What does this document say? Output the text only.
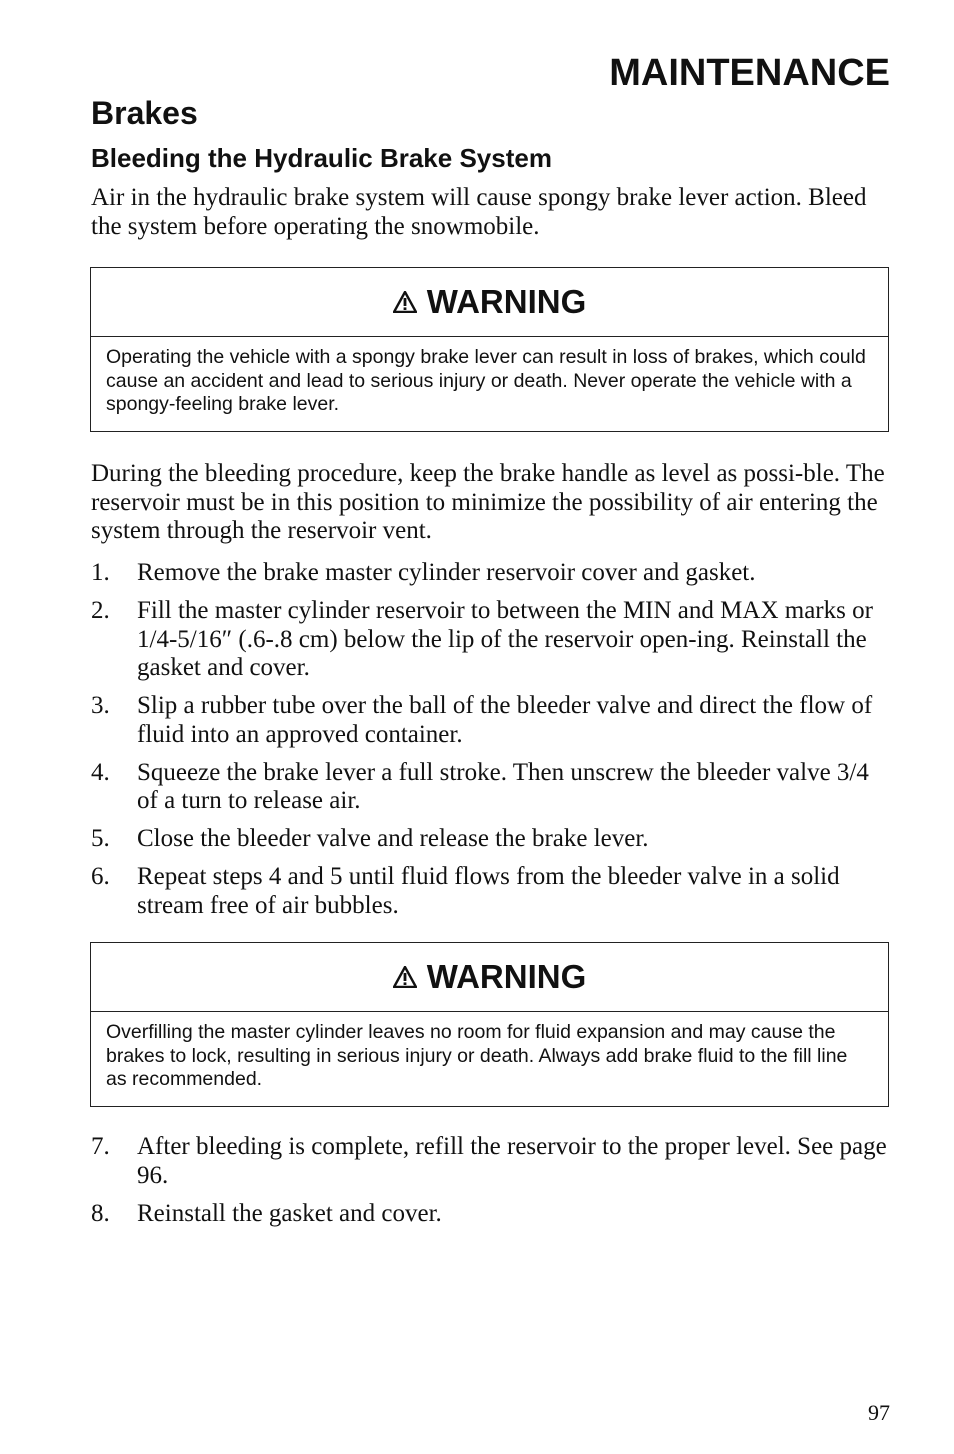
MAINTENANCE
Brakes
Bleeding the Hydraulic Brake System

Air in the hydraulic brake system will cause spongy brake lever action. Bleed the system before operating the snowmobile.

WARNING
Operating the vehicle with a spongy brake lever can result in loss of brakes, which could cause an accident and lead to serious injury or death. Never operate the vehicle with a spongy-feeling brake lever.

During the bleeding procedure, keep the brake handle as level as possi-ble. The reservoir must be in this position to minimize the possibility of air entering the system through the reservoir vent.

1. Remove the brake master cylinder reservoir cover and gasket.
2. Fill the master cylinder reservoir to between the MIN and MAX marks or 1/4-5/16″ (.6-.8 cm) below the lip of the reservoir open-ing. Reinstall the gasket and cover.
3. Slip a rubber tube over the ball of the bleeder valve and direct the flow of fluid into an approved container.
4. Squeeze the brake lever a full stroke. Then unscrew the bleeder valve 3/4 of a turn to release air.
5. Close the bleeder valve and release the brake lever.
6. Repeat steps 4 and 5 until fluid flows from the bleeder valve in a solid stream free of air bubbles.
WARNING
Overfilling the master cylinder leaves no room for fluid expansion and may cause the brakes to lock, resulting in serious injury or death. Always add brake fluid to the fill line as recommended.
7. After bleeding is complete, refill the reservoir to the proper level. See page 96.
8. Reinstall the gasket and cover.
97
